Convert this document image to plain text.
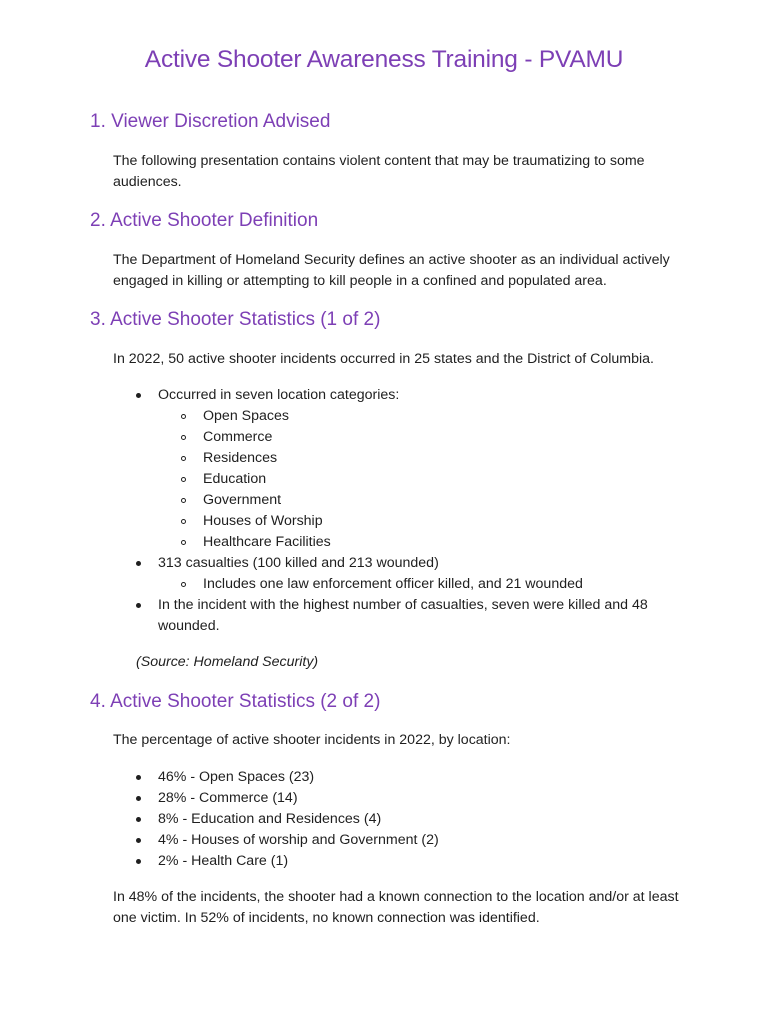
Active Shooter Awareness Training - PVAMU
1. Viewer Discretion Advised

The following presentation contains violent content that may be traumatizing to some audiences.

2. Active Shooter Definition

The Department of Homeland Security defines an active shooter as an individual actively engaged in killing or attempting to kill people in a confined and populated area.

3. Active Shooter Statistics (1 of 2)

In 2022, 50 active shooter incidents occurred in 25 states and the District of Columbia.

Occurred in seven location categories:
Open Spaces
Commerce
Residences
Education
Government
Houses of Worship
Healthcare Facilities
313 casualties (100 killed and 213 wounded)
Includes one law enforcement officer killed, and 21 wounded
In the incident with the highest number of casualties, seven were killed and 48 wounded.
(Source: Homeland Security)
4. Active Shooter Statistics (2 of 2)

The percentage of active shooter incidents in 2022, by location:

46% - Open Spaces (23)
28% - Commerce (14)
8% - Education and Residences (4)
4% - Houses of worship and Government (2)
2% - Health Care (1)

In 48% of the incidents, the shooter had a known connection to the location and/or at least one victim. In 52% of incidents, no known connection was identified.
